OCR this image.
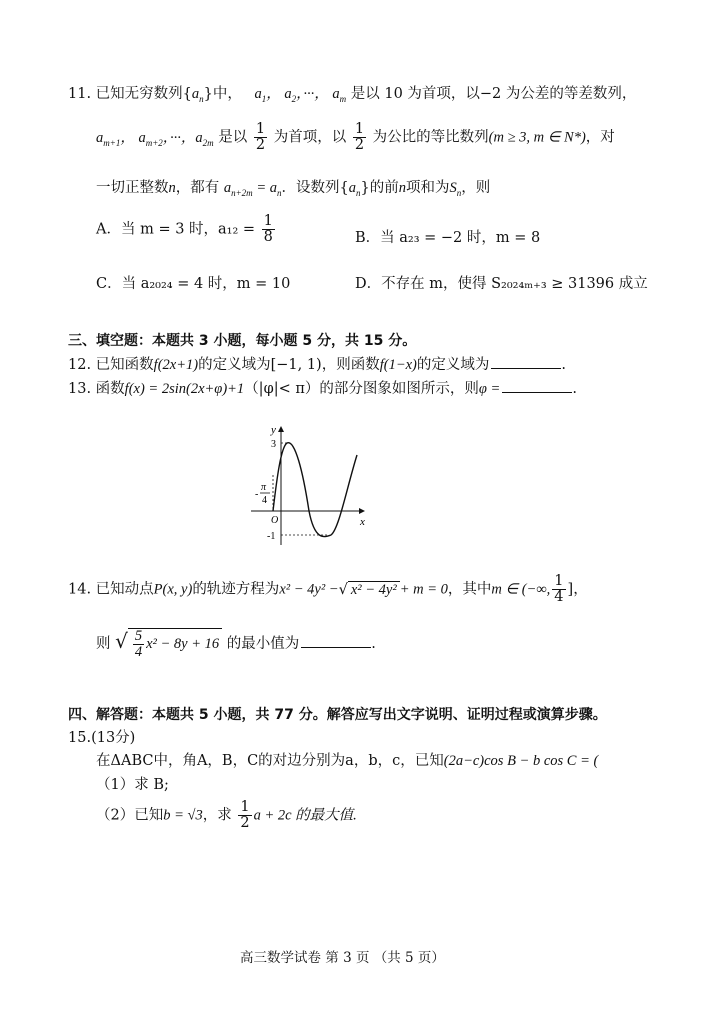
11. 已知无穷数列$\{a_n\}$中， $a_1$， $a_2$，···， $a_m$ 是以 10 为首项，以−2 为公差的等差数列，
$a_{m+1}$， $a_{m+2}$，···，$a_{2m}$ 是以 $\frac{1}{2}$ 为首项，以 $\frac{1}{2}$ 为公比的等比数列(m ≥ 3, m ∈ N*)，对
一切正整数n，都有 $a_{n+2m} = a_n$．设数列$\{a_n\}$的前n项和为$S_n$，则
A．当 m = 3 时，$a_{12} = \frac{1}{8}$	B．当 a₂₃ = −2 时，m = 8
C．当 a₂₀₂₄ = 4 时，m = 10	D．不存在 m，使得 S₂₀₂₄ₘ₊₃ ≥ 31396 成立
三、填空题：本题共 3 小题，每小题 5 分，共 15 分。
12. 已知函数f(2x+1)的定义域为[−1, 1)，则函数f(1−x)的定义域为	.
13. 函数f(x) = 2sin(2x+φ)+1（|φ|< π）的部分图象如图所示，则φ =	.
y
x
O
3
-1
-
π
4
14. 已知动点P(x, y)的轨迹方程为x² − 4y² −√ x² − 4y² + m = 0，其中m ∈ (−∞, $\frac{1}{4}$ ]，
则 √ $\frac{5}{4} x^2 - 8y + 16$ 的最小值为	.
四、解答题：本题共 5 小题，共 77 分。解答应写出文字说明、证明过程或演算步骤。
15.(13分)
在ΔABC中，角A，B，C的对边分别为a，b，c，已知(2a−c)cos B − b cos C = (
（1）求 B;
（2）已知b = √3，求 $\frac{1}{2}$ a + 2c 的最大值.
高三数学试卷 第 3 页 （共 5 页）
